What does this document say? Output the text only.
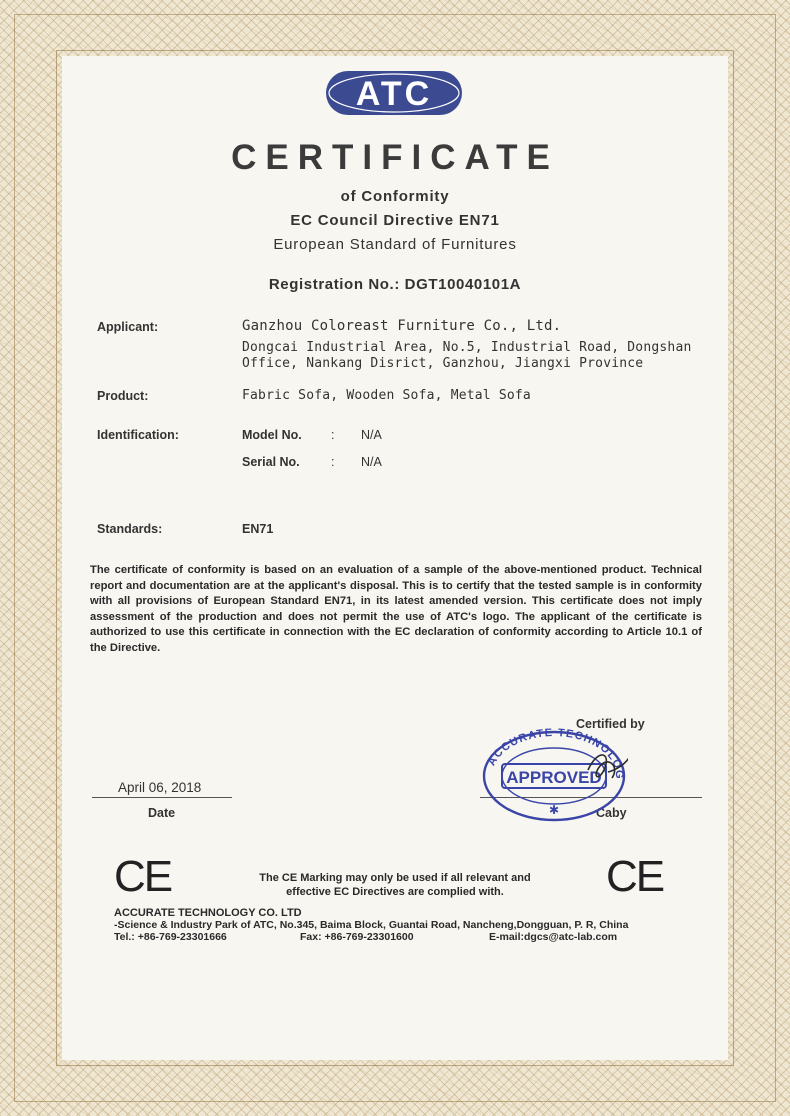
ATC
CERTIFICATE
of Conformity
EC Council Directive EN71
European Standard of Furnitures
Registration No.: DGT10040101A
Applicant:	Ganzhou Coloreast Furniture Co., Ltd.
Dongcai Industrial Area, No.5, Industrial Road, Dongshan
Office, Nankang Disrict, Ganzhou, Jiangxi Province
Product:	Fabric Sofa, Wooden Sofa, Metal Sofa
Identification:	Model No. : N/A
Serial No.	: N/A
Standards:	EN71
The certificate of conformity is based on an evaluation of a sample of the above-mentioned product. Technical report and documentation are at the applicant's disposal. This is to certify that the tested sample is in conformity with all provisions of European Standard EN71, in its latest amended version. This certificate does not imply assessment of the production and does not permit the use of ATC's logo. The applicant of the certificate is authorized to use this certificate in connection with the EC declaration of conformity according to Article 10.1 of the Directive.
April 06, 2018
Date
Certified by
Caby
ACCURATE TECHNOLOG
APPROVED
✱
CE	CE
The CE Marking may only be used if all relevant and
effective EC Directives are complied with.
ACCURATE TECHNOLOGY CO. LTD
-Science & Industry Park of ATC, No.345, Baima Block, Guantai Road, Nancheng,Dongguan, P. R, China
Tel.: +86-769-23301666	Fax: +86-769-23301600	E-mail:dgcs@atc-lab.com
